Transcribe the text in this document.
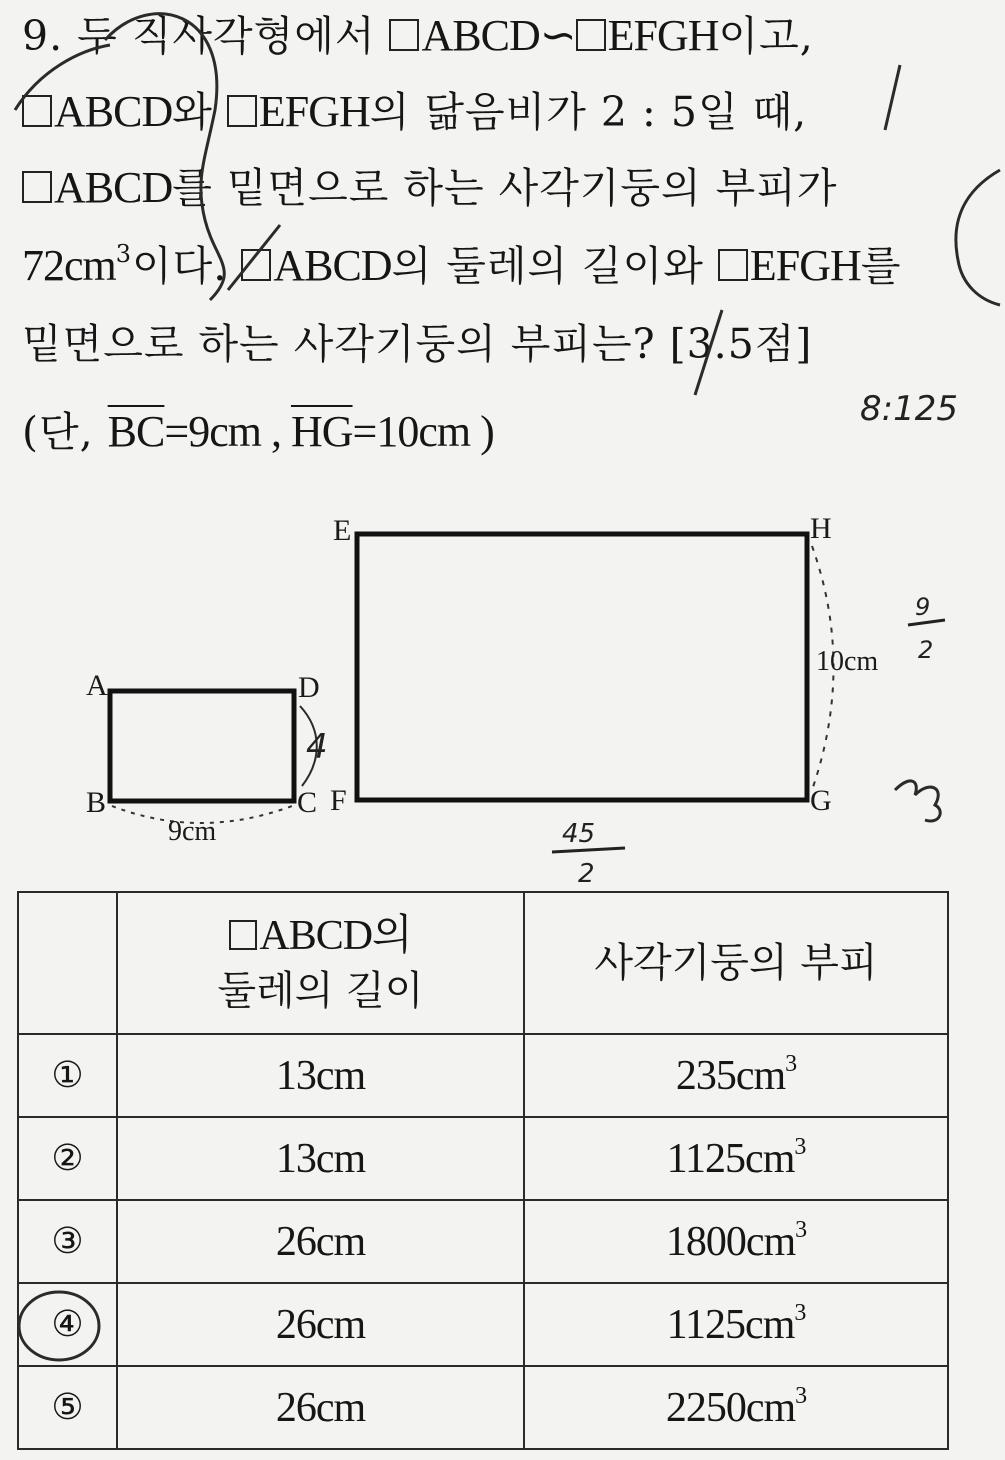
9. 두 직사각형에서 ABCD∽ EFGH이고,
ABCD와 EFGH의 닮음비가 2 : 5일 때,
ABCD를 밑면으로 하는 사각기둥의 부피가
$72cm^3$이다. ABCD의 둘레의 길이와 EFGH를
밑면으로 하는 사각기둥의 부피는? [3.5점]
(단, $\overline{BC}=9cm$ , $\overline{HG}=10cm$ )	8:125
A
B	C
D
9cm
4
E
F	G
H
10cm
45
2
9
2
	ABCD의
둘레의 길이	사각기둥의 부피
①	13cm	$235cm^3$
②	13cm	$1125cm^3$
③	26cm	$1800cm^3$
④	26cm	$1125cm^3$
⑤	26cm	$2250cm^3$
